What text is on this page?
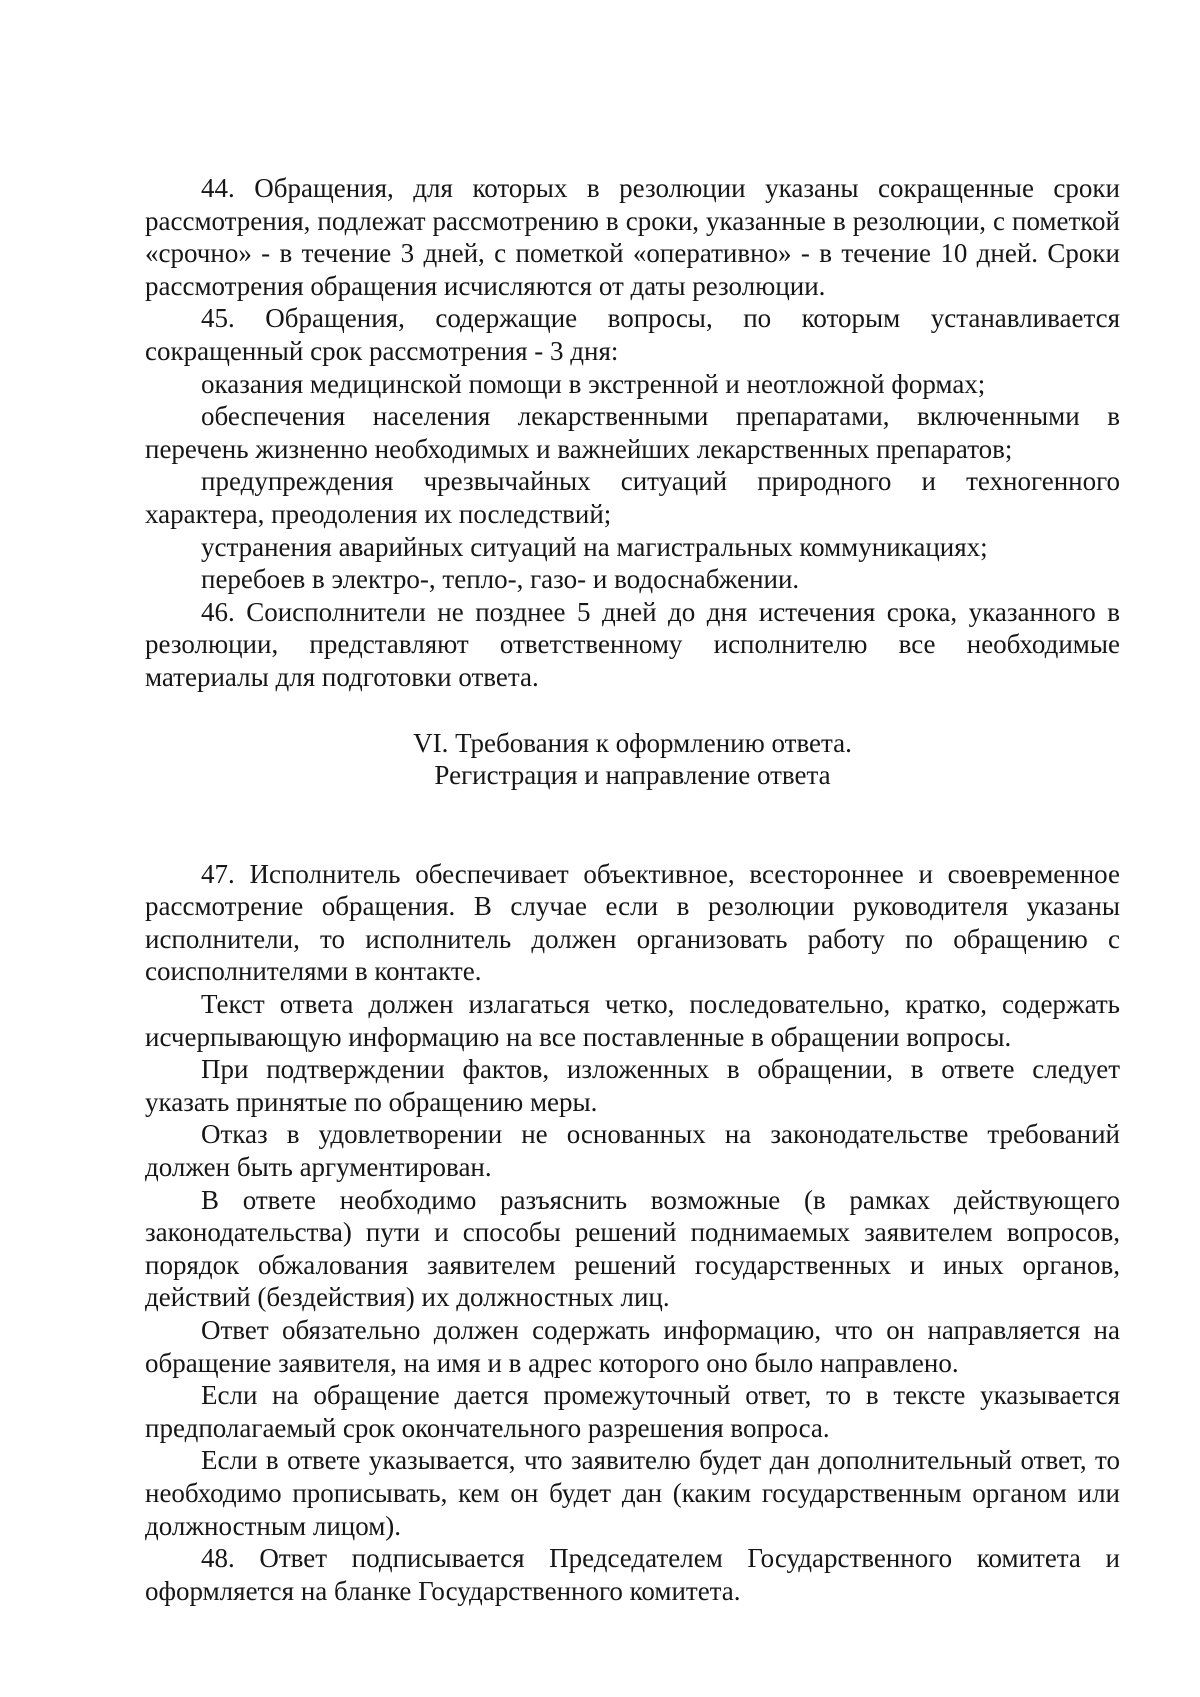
44. Обращения, для которых в резолюции указаны сокращенные сроки рассмотрения, подлежат рассмотрению в сроки, указанные в резолюции, с пометкой «срочно» - в течение 3 дней, с пометкой «оперативно» - в течение 10 дней. Сроки рассмотрения обращения исчисляются от даты резолюции.

45. Обращения, содержащие вопросы, по которым устанавливается сокращенный срок рассмотрения - 3 дня:

оказания медицинской помощи в экстренной и неотложной формах;

обеспечения населения лекарственными препаратами, включенными в перечень жизненно необходимых и важнейших лекарственных препаратов;

предупреждения чрезвычайных ситуаций природного и техногенного характера, преодоления их последствий;

устранения аварийных ситуаций на магистральных коммуникациях;

перебоев в электро-, тепло-, газо- и водоснабжении.

46. Соисполнители не позднее 5 дней до дня истечения срока, указанного в резолюции, представляют ответственному исполнителю все необходимые материалы для подготовки ответа.

VI. Требования к оформлению ответа.
Регистрация и направление ответа

47. Исполнитель обеспечивает объективное, всестороннее и своевременное рассмотрение обращения. В случае если в резолюции руководителя указаны исполнители, то исполнитель должен организовать работу по обращению с соисполнителями в контакте.

Текст ответа должен излагаться четко, последовательно, кратко, содержать исчерпывающую информацию на все поставленные в обращении вопросы.

При подтверждении фактов, изложенных в обращении, в ответе следует указать принятые по обращению меры.

Отказ в удовлетворении не основанных на законодательстве требований должен быть аргументирован.

В ответе необходимо разъяснить возможные (в рамках действующего законодательства) пути и способы решений поднимаемых заявителем вопросов, порядок обжалования заявителем решений государственных и иных органов, действий (бездействия) их должностных лиц.

Ответ обязательно должен содержать информацию, что он направляется на обращение заявителя, на имя и в адрес которого оно было направлено.

Если на обращение дается промежуточный ответ, то в тексте указывается предполагаемый срок окончательного разрешения вопроса.

Если в ответе указывается, что заявителю будет дан дополнительный ответ, то необходимо прописывать, кем он будет дан (каким государственным органом или должностным лицом).

48. Ответ подписывается Председателем Государственного комитета и оформляется на бланке Государственного комитета.
